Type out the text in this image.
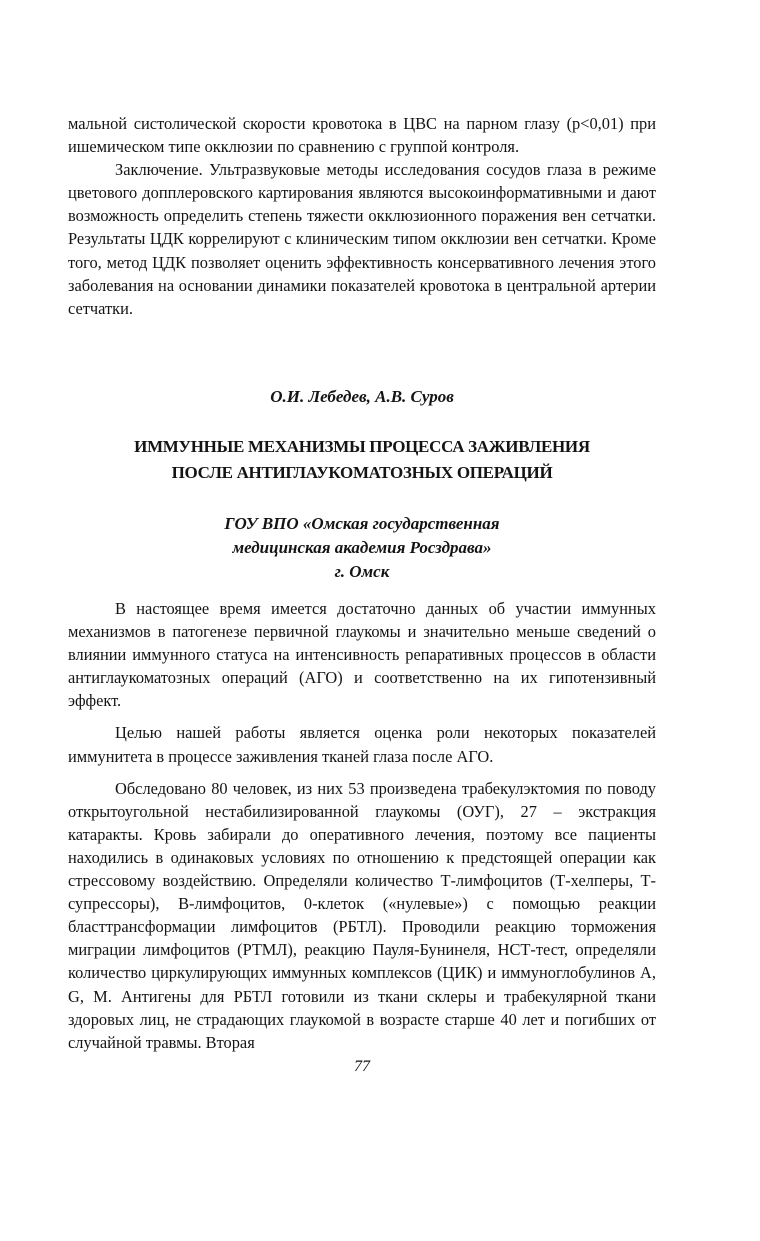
мальной систолической скорости кровотока в ЦВС на парном глазу (р<0,01) при ишемическом типе окклюзии по сравнению с группой контроля.

Заключение. Ультразвуковые методы исследования сосудов глаза в режиме цветового допплеровского картирования являются высокоинформативными и дают возможность определить степень тяжести окклюзионного поражения вен сетчатки. Результаты ЦДК коррелируют с клиническим типом окклюзии вен сетчатки. Кроме того, метод ЦДК позволяет оценить эффективность консервативного лечения этого заболевания на основании динамики показателей кровотока в центральной артерии сетчатки.

О.И. Лебедев, А.В. Суров
ИММУННЫЕ МЕХАНИЗМЫ ПРОЦЕССА ЗАЖИВЛЕНИЯ
ПОСЛЕ АНТИГЛАУКОМАТОЗНЫХ ОПЕРАЦИЙ
ГОУ ВПО «Омская государственная
медицинская академия Росздрава»
г. Омск

В настоящее время имеется достаточно данных об участии иммунных механизмов в патогенезе первичной глаукомы и значительно меньше сведений о влиянии иммунного статуса на интенсивность репаративных процессов в области антиглаукоматозных операций (АГО) и соответственно на их гипотензивный эффект.

Целью нашей работы является оценка роли некоторых показателей иммунитета в процессе заживления тканей глаза после АГО.

Обследовано 80 человек, из них 53 произведена трабекулэктомия по поводу открытоугольной нестабилизированной глаукомы (ОУГ), 27 – экстракция катаракты. Кровь забирали до оперативного лечения, поэтому все пациенты находились в одинаковых условиях по отношению к предстоящей операции как стрессовому воздействию. Определяли количество Т-лимфоцитов (Т-хелперы, Т-супрессоры), В-лимфоцитов, 0-клеток («нулевые») с помощью реакции бласттрансформации лимфоцитов (РБТЛ). Проводили реакцию торможения миграции лимфоцитов (РТМЛ), реакцию Пауля-Бунинеля, НСТ-тест, определяли количество циркулирующих иммунных комплексов (ЦИК) и иммуноглобулинов А, G, М. Антигены для РБТЛ готовили из ткани склеры и трабекулярной ткани здоровых лиц, не страдающих глаукомой в возрасте старше 40 лет и погибших от случайной травмы. Вторая

77
